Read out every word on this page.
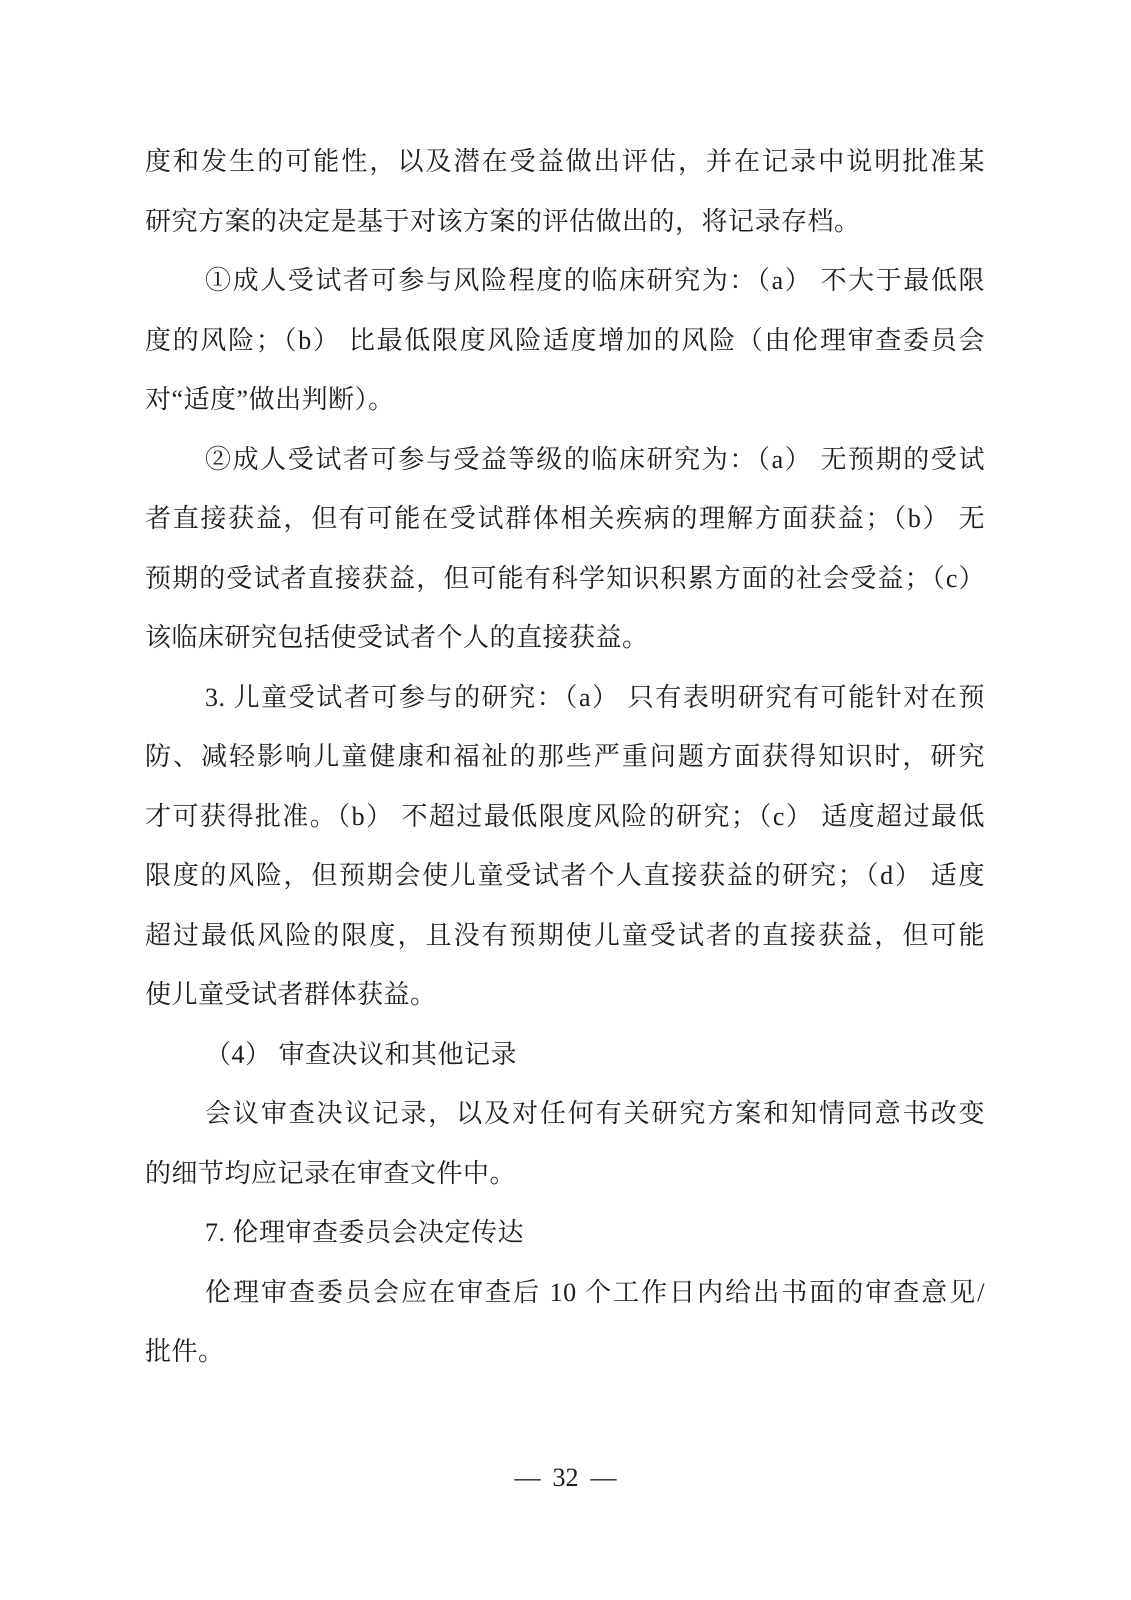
度和发生的可能性，以及潜在受益做出评估，并在记录中说明批准某
研究方案的决定是基于对该方案的评估做出的，将记录存档。
①成人受试者可参与风险程度的临床研究为：（a） 不大于最低限
度的风险；（b） 比最低限度风险适度增加的风险（由伦理审查委员会
对“适度”做出判断）。
②成人受试者可参与受益等级的临床研究为：（a） 无预期的受试
者直接获益，但有可能在受试群体相关疾病的理解方面获益；（b） 无
预期的受试者直接获益，但可能有科学知识积累方面的社会受益；（c）
该临床研究包括使受试者个人的直接获益。
3. 儿童受试者可参与的研究：（a） 只有表明研究有可能针对在预
防、减轻影响儿童健康和福祉的那些严重问题方面获得知识时，研究
才可获得批准。（b） 不超过最低限度风险的研究；（c） 适度超过最低
限度的风险，但预期会使儿童受试者个人直接获益的研究；（d） 适度
超过最低风险的限度，且没有预期使儿童受试者的直接获益，但可能
使儿童受试者群体获益。
（4） 审查决议和其他记录
会议审查决议记录，以及对任何有关研究方案和知情同意书改变
的细节均应记录在审查文件中。
7. 伦理审查委员会决定传达
伦理审查委员会应在审查后 10 个工作日内给出书面的审查意见/
批件。
— 32 —
